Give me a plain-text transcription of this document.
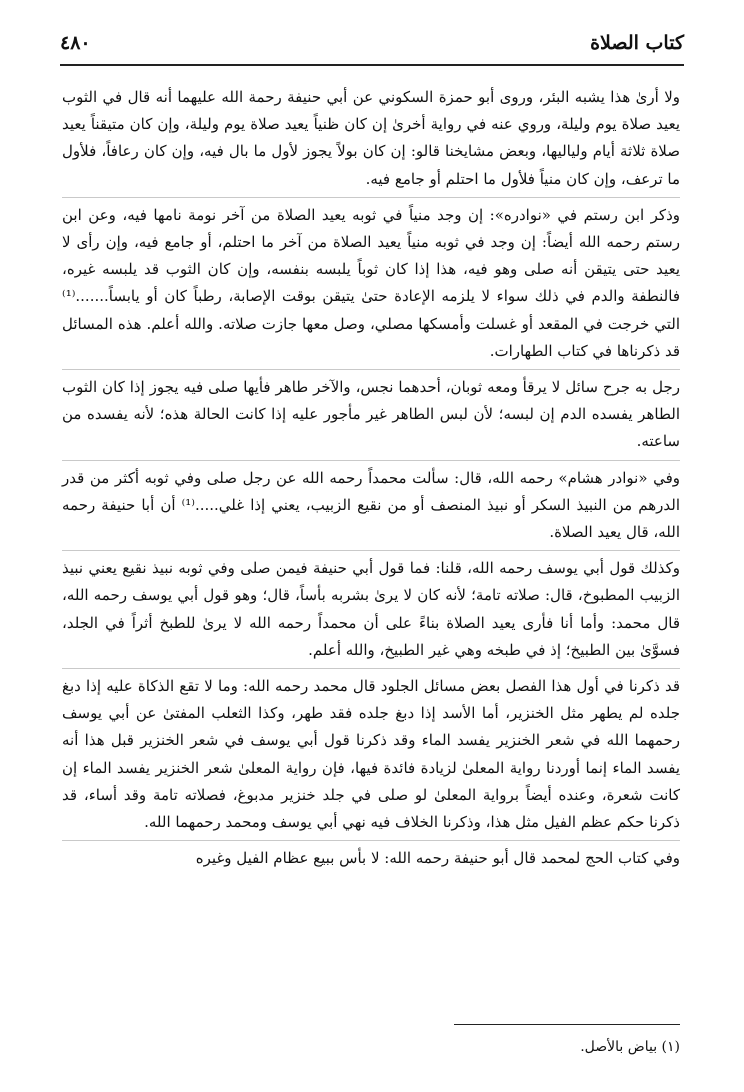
كتاب الصلاة
٤٨٠

ولا أرىٰ هذا يشبه البئر، وروى أبو حمزة السكوني عن أبي حنيفة رحمة الله عليهما أنه قال في الثوب يعيد صلاة يوم وليلة، وروي عنه في رواية أخرىٰ إن كان ظنياً يعيد صلاة يوم وليلة، وإن كان متيقناً يعيد صلاة ثلاثة أيام ولياليها، وبعض مشايخنا قالو: إن كان بولاً يجوز لأول ما بال فيه، وإن كان رعافاً، فلأول ما ترعف، وإن كان منياً فلأول ما احتلم أو جامع فيه.

وذكر ابن رستم في «نوادره»: إن وجد منياً في ثوبه يعيد الصلاة من آخر نومة نامها فيه، وعن ابن رستم رحمه الله أيضاً: إن وجد في ثوبه منياً يعيد الصلاة من آخر ما احتلم، أو جامع فيه، وإن رأى لا يعيد حتى يتيقن أنه صلى وهو فيه، هذا إذا كان ثوباً يلبسه بنفسه، وإن كان الثوب قد يلبسه غيره، فالنطفة والدم في ذلك سواء لا يلزمه الإعادة حتىٰ يتيقن بوقت الإصابة، رطباً كان أو يابساً.......⁽¹⁾ التي خرجت في المقعد أو غسلت وأمسكها مصلي، وصل معها جازت صلاته. والله أعلم. هذه المسائل قد ذكرناها في كتاب الطهارات.

رجل به جرح سائل لا يرقأ ومعه ثوبان، أحدهما نجس، والآخر طاهر فأيها صلى فيه يجوز إذا كان الثوب الطاهر يفسده الدم إن لبسه؛ لأن لبس الطاهر غير مأجور عليه إذا كانت الحالة هذه؛ لأنه يفسده من ساعته.

وفي «نوادر هشام» رحمه الله، قال: سألت محمداً رحمه الله عن رجل صلى وفي ثوبه أكثر من قدر الدرهم من النبيذ السكر أو نبيذ المنصف أو من نقيع الزبيب، يعني إذا غلي.....⁽¹⁾ أن أبا حنيفة رحمه الله، قال يعيد الصلاة.

وكذلك قول أبي يوسف رحمه الله، قلنا: فما قول أبي حنيفة فيمن صلى وفي ثوبه نبيذ نقيع يعني نبيذ الزبيب المطبوخ، قال: صلاته تامة؛ لأنه كان لا يرىٰ بشربه بأساً، قال؛ وهو قول أبي يوسف رحمه الله، قال محمد: وأما أنا فأرى يعيد الصلاة بناءً على أن محمداً رحمه الله لا يرىٰ للطبخ أثراً في الجلد، فسوَّىٰ بين الطبيخ؛ إذ في طبخه وهي غير الطبيخ، والله أعلم.

قد ذكرنا في أول هذا الفصل بعض مسائل الجلود قال محمد رحمه الله: وما لا تقع الذكاة عليه إذا دبغ جلده لم يطهر مثل الخنزير، أما الأسد إذا دبغ جلده فقد طهر، وكذا الثعلب المفتىٰ عن أبي يوسف رحمهما الله في شعر الخنزير يفسد الماء وقد ذكرنا قول أبي يوسف في شعر الخنزير قبل هذا أنه يفسد الماء إنما أوردنا رواية المعلىٰ لزيادة فائدة فيها، فإن رواية المعلىٰ شعر الخنزير يفسد الماء إن كانت شعرة، وعنده أيضاً برواية المعلىٰ لو صلى في جلد خنزير مدبوغ، فصلاته تامة وقد أساء، قد ذكرنا حكم عظم الفيل مثل هذا، وذكرنا الخلاف فيه نهي أبي يوسف ومحمد رحمهما الله.

وفي كتاب الحج لمحمد قال أبو حنيفة رحمه الله: لا بأس ببيع عظام الفيل وغيره

(١) بياض بالأصل.
